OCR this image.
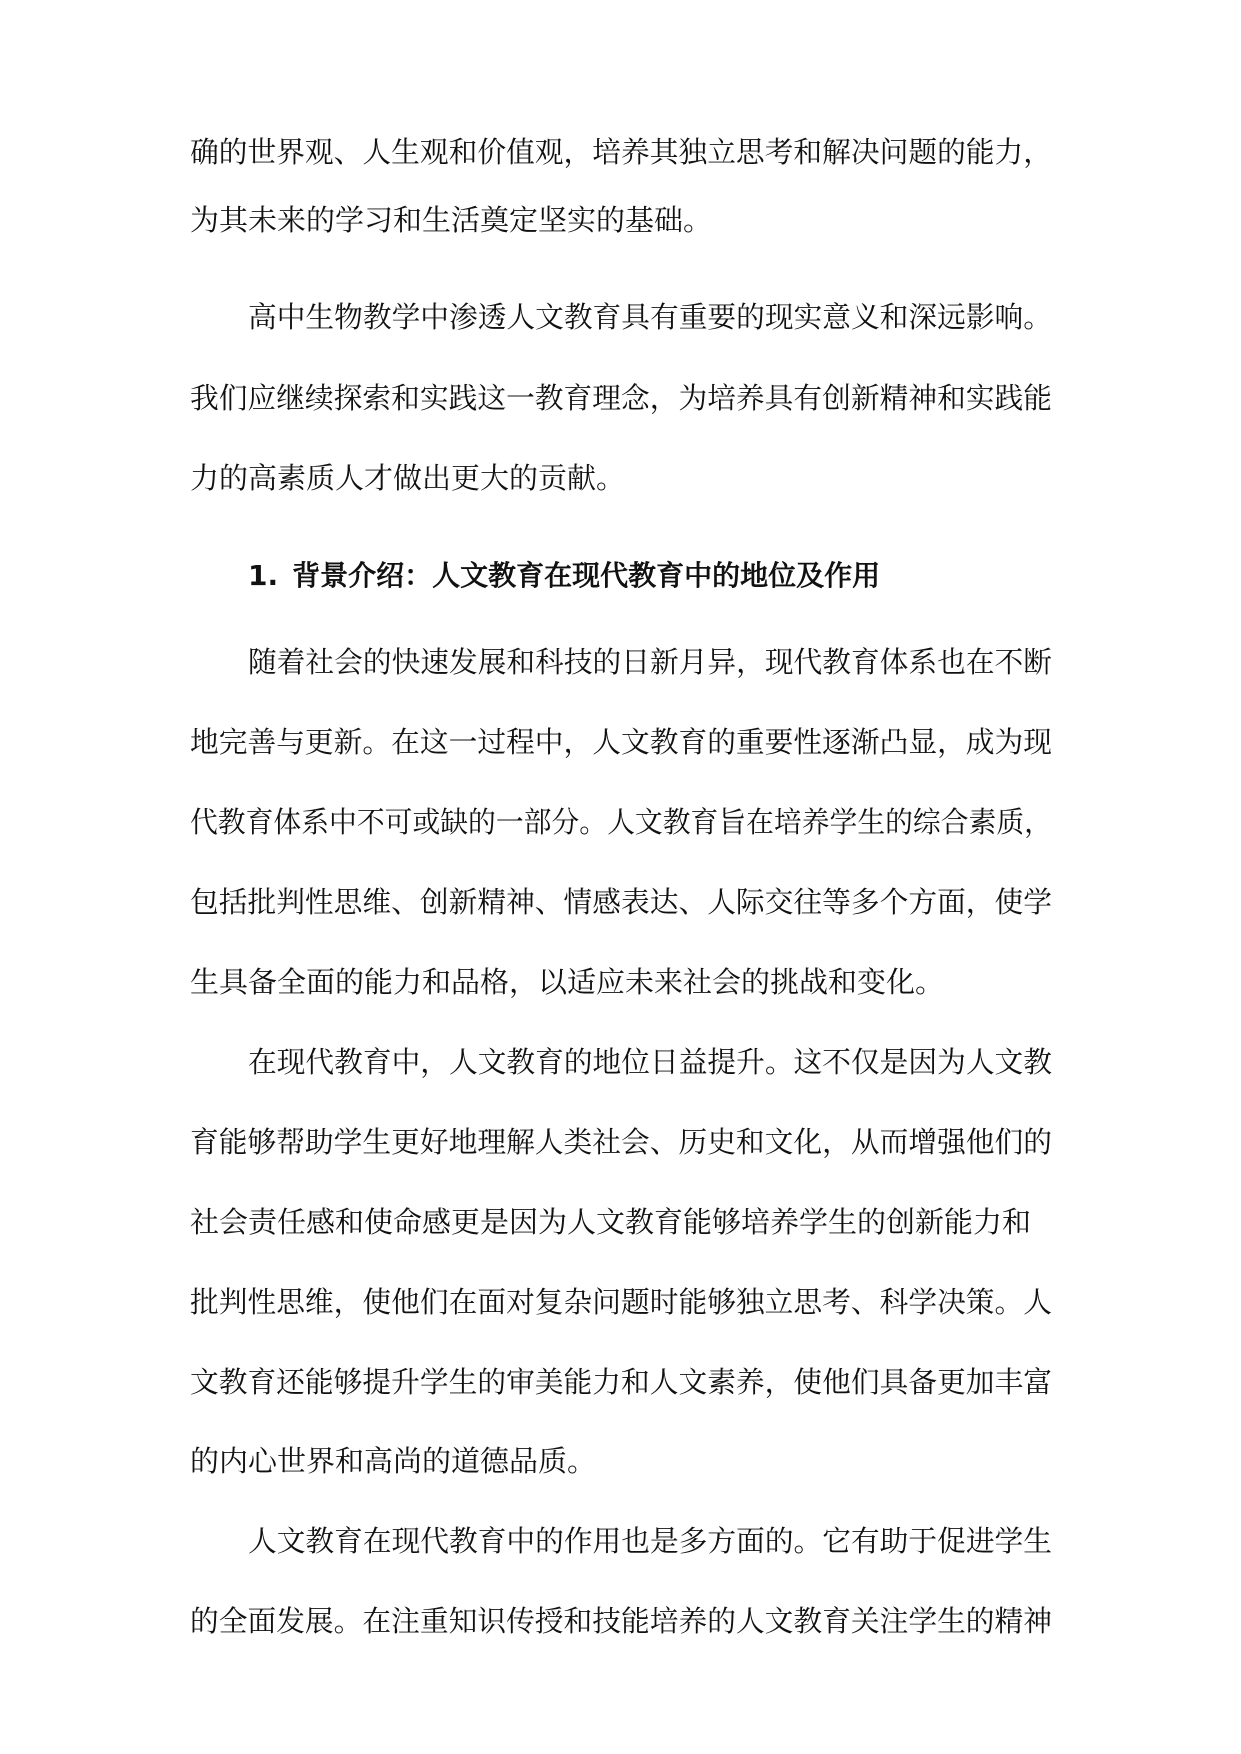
确的世界观、人生观和价值观，培养其独立思考和解决问题的能力，

为其未来的学习和生活奠定坚实的基础。

高中生物教学中渗透人文教育具有重要的现实意义和深远影响。

我们应继续探索和实践这一教育理念，为培养具有创新精神和实践能

力的高素质人才做出更大的贡献。

1. 背景介绍：人文教育在现代教育中的地位及作用

随着社会的快速发展和科技的日新月异，现代教育体系也在不断

地完善与更新。在这一过程中，人文教育的重要性逐渐凸显，成为现

代教育体系中不可或缺的一部分。人文教育旨在培养学生的综合素质，

包括批判性思维、创新精神、情感表达、人际交往等多个方面，使学

生具备全面的能力和品格，以适应未来社会的挑战和变化。

在现代教育中，人文教育的地位日益提升。这不仅是因为人文教

育能够帮助学生更好地理解人类社会、历史和文化，从而增强他们的

社会责任感和使命感更是因为人文教育能够培养学生的创新能力和

批判性思维，使他们在面对复杂问题时能够独立思考、科学决策。人

文教育还能够提升学生的审美能力和人文素养，使他们具备更加丰富

的内心世界和高尚的道德品质。

人文教育在现代教育中的作用也是多方面的。它有助于促进学生

的全面发展。在注重知识传授和技能培养的人文教育关注学生的精神
